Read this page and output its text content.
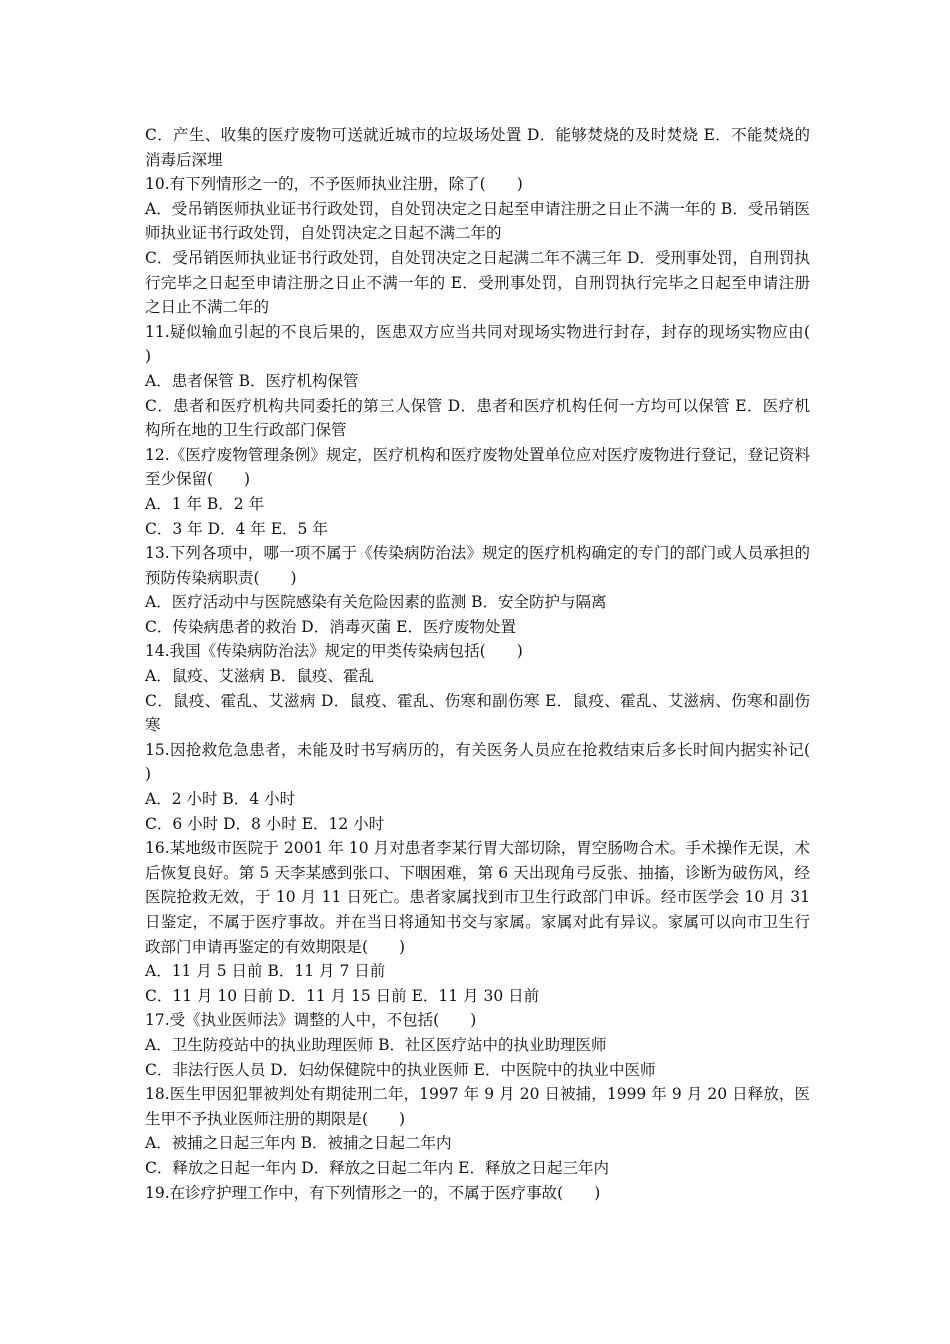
C．产生、收集的医疗废物可送就近城市的垃圾场处置 D．能够焚烧的及时焚烧 E．不能焚烧的消毒后深埋

10.有下列情形之一的，不予医师执业注册，除了(　　)

A．受吊销医师执业证书行政处罚，自处罚决定之日起至申请注册之日止不满一年的 B．受吊销医师执业证书行政处罚，自处罚决定之日起不满二年的

C．受吊销医师执业证书行政处罚，自处罚决定之日起满二年不满三年 D．受刑事处罚，自刑罚执行完毕之日起至申请注册之日止不满一年的 E．受刑事处罚，自刑罚执行完毕之日起至申请注册之日止不满二年的

11.疑似输血引起的不良后果的，医患双方应当共同对现场实物进行封存，封存的现场实物应由(　　)

A．患者保管 B．医疗机构保管

C．患者和医疗机构共同委托的第三人保管 D．患者和医疗机构任何一方均可以保管 E．医疗机构所在地的卫生行政部门保管

12.《医疗废物管理条例》规定，医疗机构和医疗废物处置单位应对医疗废物进行登记，登记资料至少保留(　　)

A．1 年 B．2 年

C．3 年 D．4 年 E．5 年

13.下列各项中，哪一项不属于《传染病防治法》规定的医疗机构确定的专门的部门或人员承担的预防传染病职责(　　)

A．医疗活动中与医院感染有关危险因素的监测 B．安全防护与隔离

C．传染病患者的救治 D．消毒灭菌 E．医疗废物处置

14.我国《传染病防治法》规定的甲类传染病包括(　　)

A．鼠疫、艾滋病 B．鼠疫、霍乱

C．鼠疫、霍乱、艾滋病 D．鼠疫、霍乱、伤寒和副伤寒 E．鼠疫、霍乱、艾滋病、伤寒和副伤寒

15.因抢救危急患者，未能及时书写病历的，有关医务人员应在抢救结束后多长时间内据实补记(　　)

A．2 小时 B．4 小时

C．6 小时 D．8 小时 E．12 小时

16.某地级市医院于 2001 年 10 月对患者李某行胃大部切除，胃空肠吻合术。手术操作无误，术后恢复良好。第 5 天李某感到张口、下咽困难，第 6 天出现角弓反张、抽搐，诊断为破伤风，经医院抢救无效，于 10 月 11 日死亡。患者家属找到市卫生行政部门申诉。经市医学会 10 月 31 日鉴定，不属于医疗事故。并在当日将通知书交与家属。家属对此有异议。家属可以向市卫生行政部门申请再鉴定的有效期限是(　　)

A．11 月 5 日前 B．11 月 7 日前

C．11 月 10 日前 D．11 月 15 日前 E．11 月 30 日前

17.受《执业医师法》调整的人中，不包括(　　)

A．卫生防疫站中的执业助理医师 B．社区医疗站中的执业助理医师

C．非法行医人员 D．妇幼保健院中的执业医师 E．中医院中的执业中医师

18.医生甲因犯罪被判处有期徒刑二年，1997 年 9 月 20 日被捕，1999 年 9 月 20 日释放，医生甲不予执业医师注册的期限是(　　)

A．被捕之日起三年内 B．被捕之日起二年内

C．释放之日起一年内 D．释放之日起二年内 E．释放之日起三年内

19.在诊疗护理工作中，有下列情形之一的，不属于医疗事故(　　)
